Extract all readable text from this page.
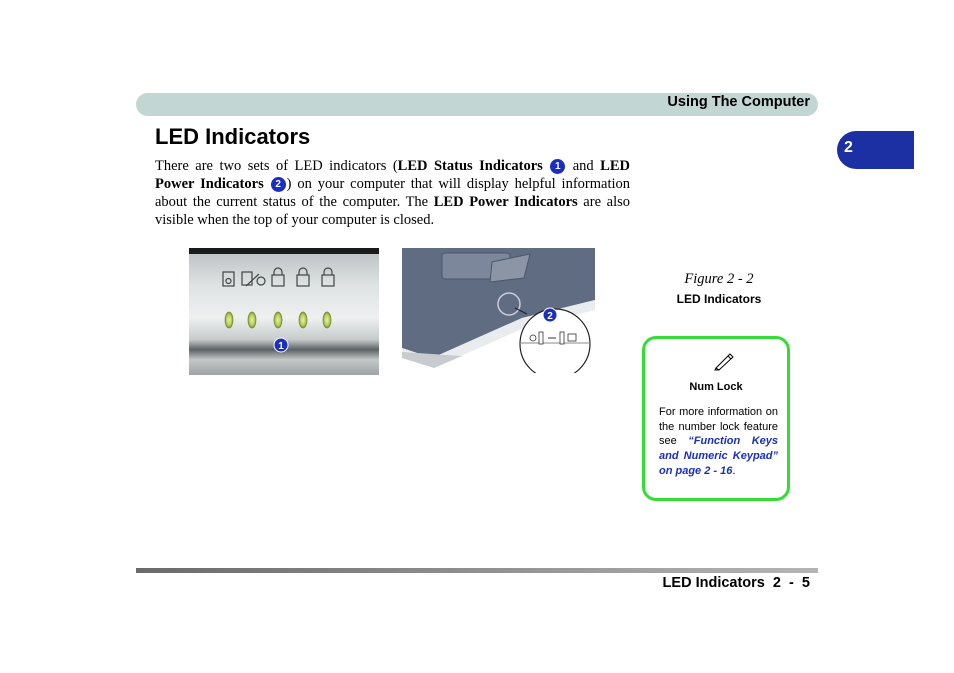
Using The Computer
2
LED Indicators
There are two sets of LED indicators (LED Status Indicators 1 and LED Power Indicators 2 ) on your computer that will display helpful information about the current status of the computer. The LED Power Indicators are also visible when the top of your computer is closed.
1
2
Figure 2 - 2
LED Indicators
Num Lock
For more information on the number lock feature see “Function Keys and Numeric Keypad” on page 2 - 16.
LED Indicators  2  -  5
